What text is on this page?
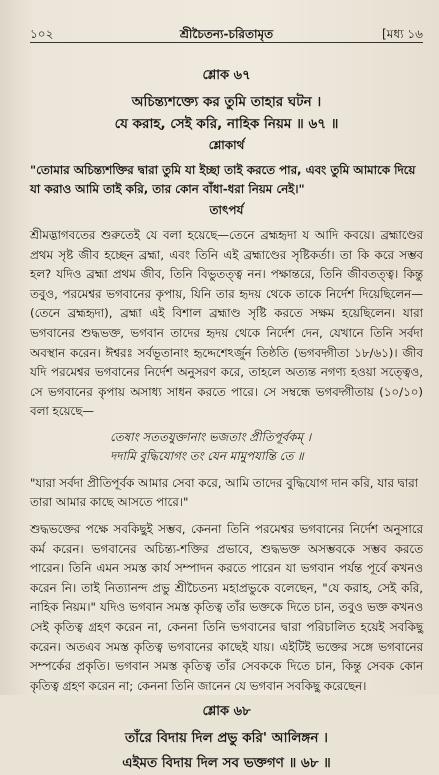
১০২	শ্রীচৈতন্য-চরিতামৃত	[মধ্য ১৬
শ্লোক ৬৭
অচিন্ত্যশক্ত্যে কর তুমি তাহার ঘটন ।
যে করাহ, সেই করি, নাহিক নিয়ম ॥ ৬৭ ॥
শ্লোকার্থ
"তোমার অচিন্ত্যশক্তির দ্বারা তুমি যা ইচ্ছা তাই করতে পার, এবং তুমি আমাকে দিয়ে যা করাও আমি তাই করি, তার কোন বাঁধা-ধরা নিয়ম নেই।"
তাৎপর্য

শ্রীমদ্ভাগবতের শুরুতেই যে বলা হয়েছে—তেনে ব্রহ্মহৃদা য আদি কবয়ে। ব্রহ্মাণ্ডের প্রথম সৃষ্ট জীব হচ্ছেন ব্রহ্মা, এবং তিনি এই ব্রহ্মাণ্ডের সৃষ্টিকর্তা। তা কি করে সম্ভব হল? যদিও ব্রহ্মা প্রথম জীব, তিনি বিভুতত্ত্ব নন। পক্ষান্তরে, তিনি জীবতত্ত্ব। কিন্তু তবুও, পরমেশ্বর ভগবানের কৃপায়, যিনি তার হৃদয় থেকে তাকে নির্দেশ দিয়েছিলেন—(তেনে ব্রহ্মহৃদা), ব্রহ্মা এই বিশাল ব্রহ্মাণ্ড সৃষ্টি করতে সক্ষম হয়েছিলেন। যারা ভগবানের শুদ্ধভক্ত, ভগবান তাদের হৃদয় থেকে নির্দেশ দেন, যেখানে তিনি সর্বদা অবস্থান করেন। ঈশ্বরঃ সর্বভূতানাং হৃদ্দেশেঽর্জুন তিষ্ঠতি (ভগবদ্গীতা ১৮/৬১)। জীব যদি পরমেশ্বর ভগবানের নির্দেশ অনুসরণ করে, তাহলে অত্যন্ত নগণ্য হওয়া সত্ত্বেও, সে ভগবানের কৃপায় অসাধ্য সাধন করতে পারে। সে সম্বন্ধে ভগবদ্গীতায় (১০/১০) বলা হয়েছে—

তেষাং সততযুক্তানাং ভজতাং প্রীতিপূর্বকম্ ।
দদামি বুদ্ধিযোগং তং যেন মামুপযান্তি তে ॥
"যারা সর্বদা প্রীতিপূর্বক আমার সেবা করে, আমি তাদের বুদ্ধিযোগ দান করি, যার দ্বারা তারা আমার কাছে আসতে পারে।"

শুদ্ধভক্তের পক্ষে সবকিছুই সম্ভব, কেননা তিনি পরমেশ্বর ভগবানের নির্দেশ অনুসারে কর্ম করেন। ভগবানের অচিন্ত্য-শক্তির প্রভাবে, শুদ্ধভক্ত অসম্ভবকে সম্ভব করতে পারেন। তিনি এমন সমস্ত কার্য সম্পাদন করতে পারেন যা ভগবান পর্যন্ত পূর্বে কখনও করেন নি। তাই নিত্যানন্দ প্রভু শ্রীচৈতন্য মহাপ্রভুকে বলেছেন, "যে করাহ, সেই করি, নাহিক নিয়ম।" যদিও ভগবান সমস্ত কৃতিত্ব তাঁর ভক্তকে দিতে চান, তবুও ভক্ত কখনও সেই কৃতিত্ব গ্রহণ করেন না, কেননা তিনি ভগবানের দ্বারা পরিচালিত হয়েই সবকিছু করেন। অতএব সমস্ত কৃতিত্ব ভগবানের কাছেই যায়। এইটিই ভক্তের সঙ্গে ভগবানের সম্পর্কের প্রকৃতি। ভগবান সমস্ত কৃতিত্ব তাঁর সেবককে দিতে চান, কিন্তু সেবক কোন কৃতিত্ব গ্রহণ করেন না; কেননা তিনি জানেন যে ভগবান সবকিছু করেছেন।

শ্লোক ৬৮
তাঁরে বিদায় দিল প্রভু করি' আলিঙ্গন ।
এইমত বিদায় দিল সব ভক্তগণ ॥ ৬৮ ॥
